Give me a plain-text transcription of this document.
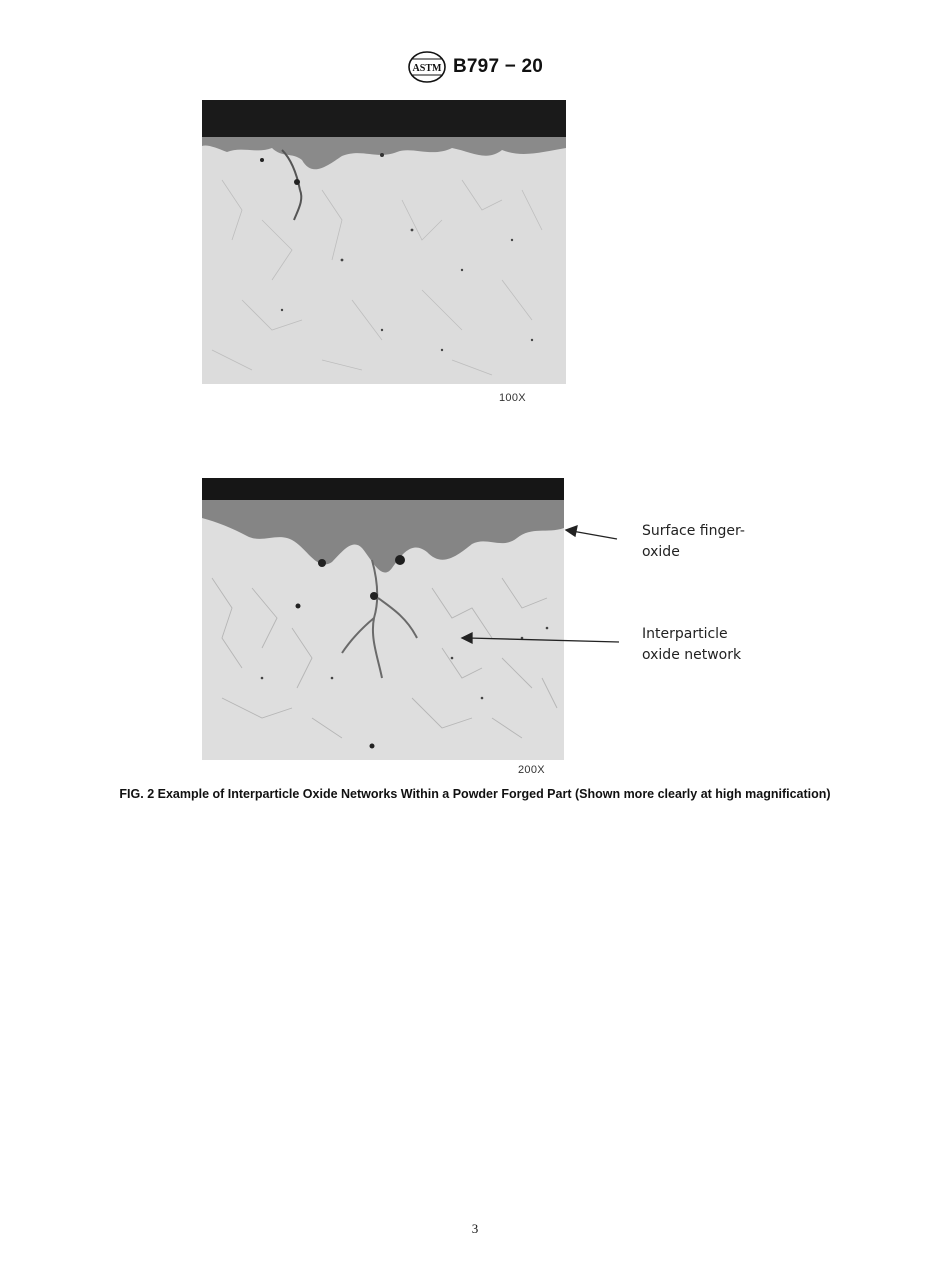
ASTM B797 − 20
100X
200X
Surface finger-
oxide
Interparticle
oxide network
FIG. 2 Example of Interparticle Oxide Networks Within a Powder Forged Part (Shown more clearly at high magnification)
3
